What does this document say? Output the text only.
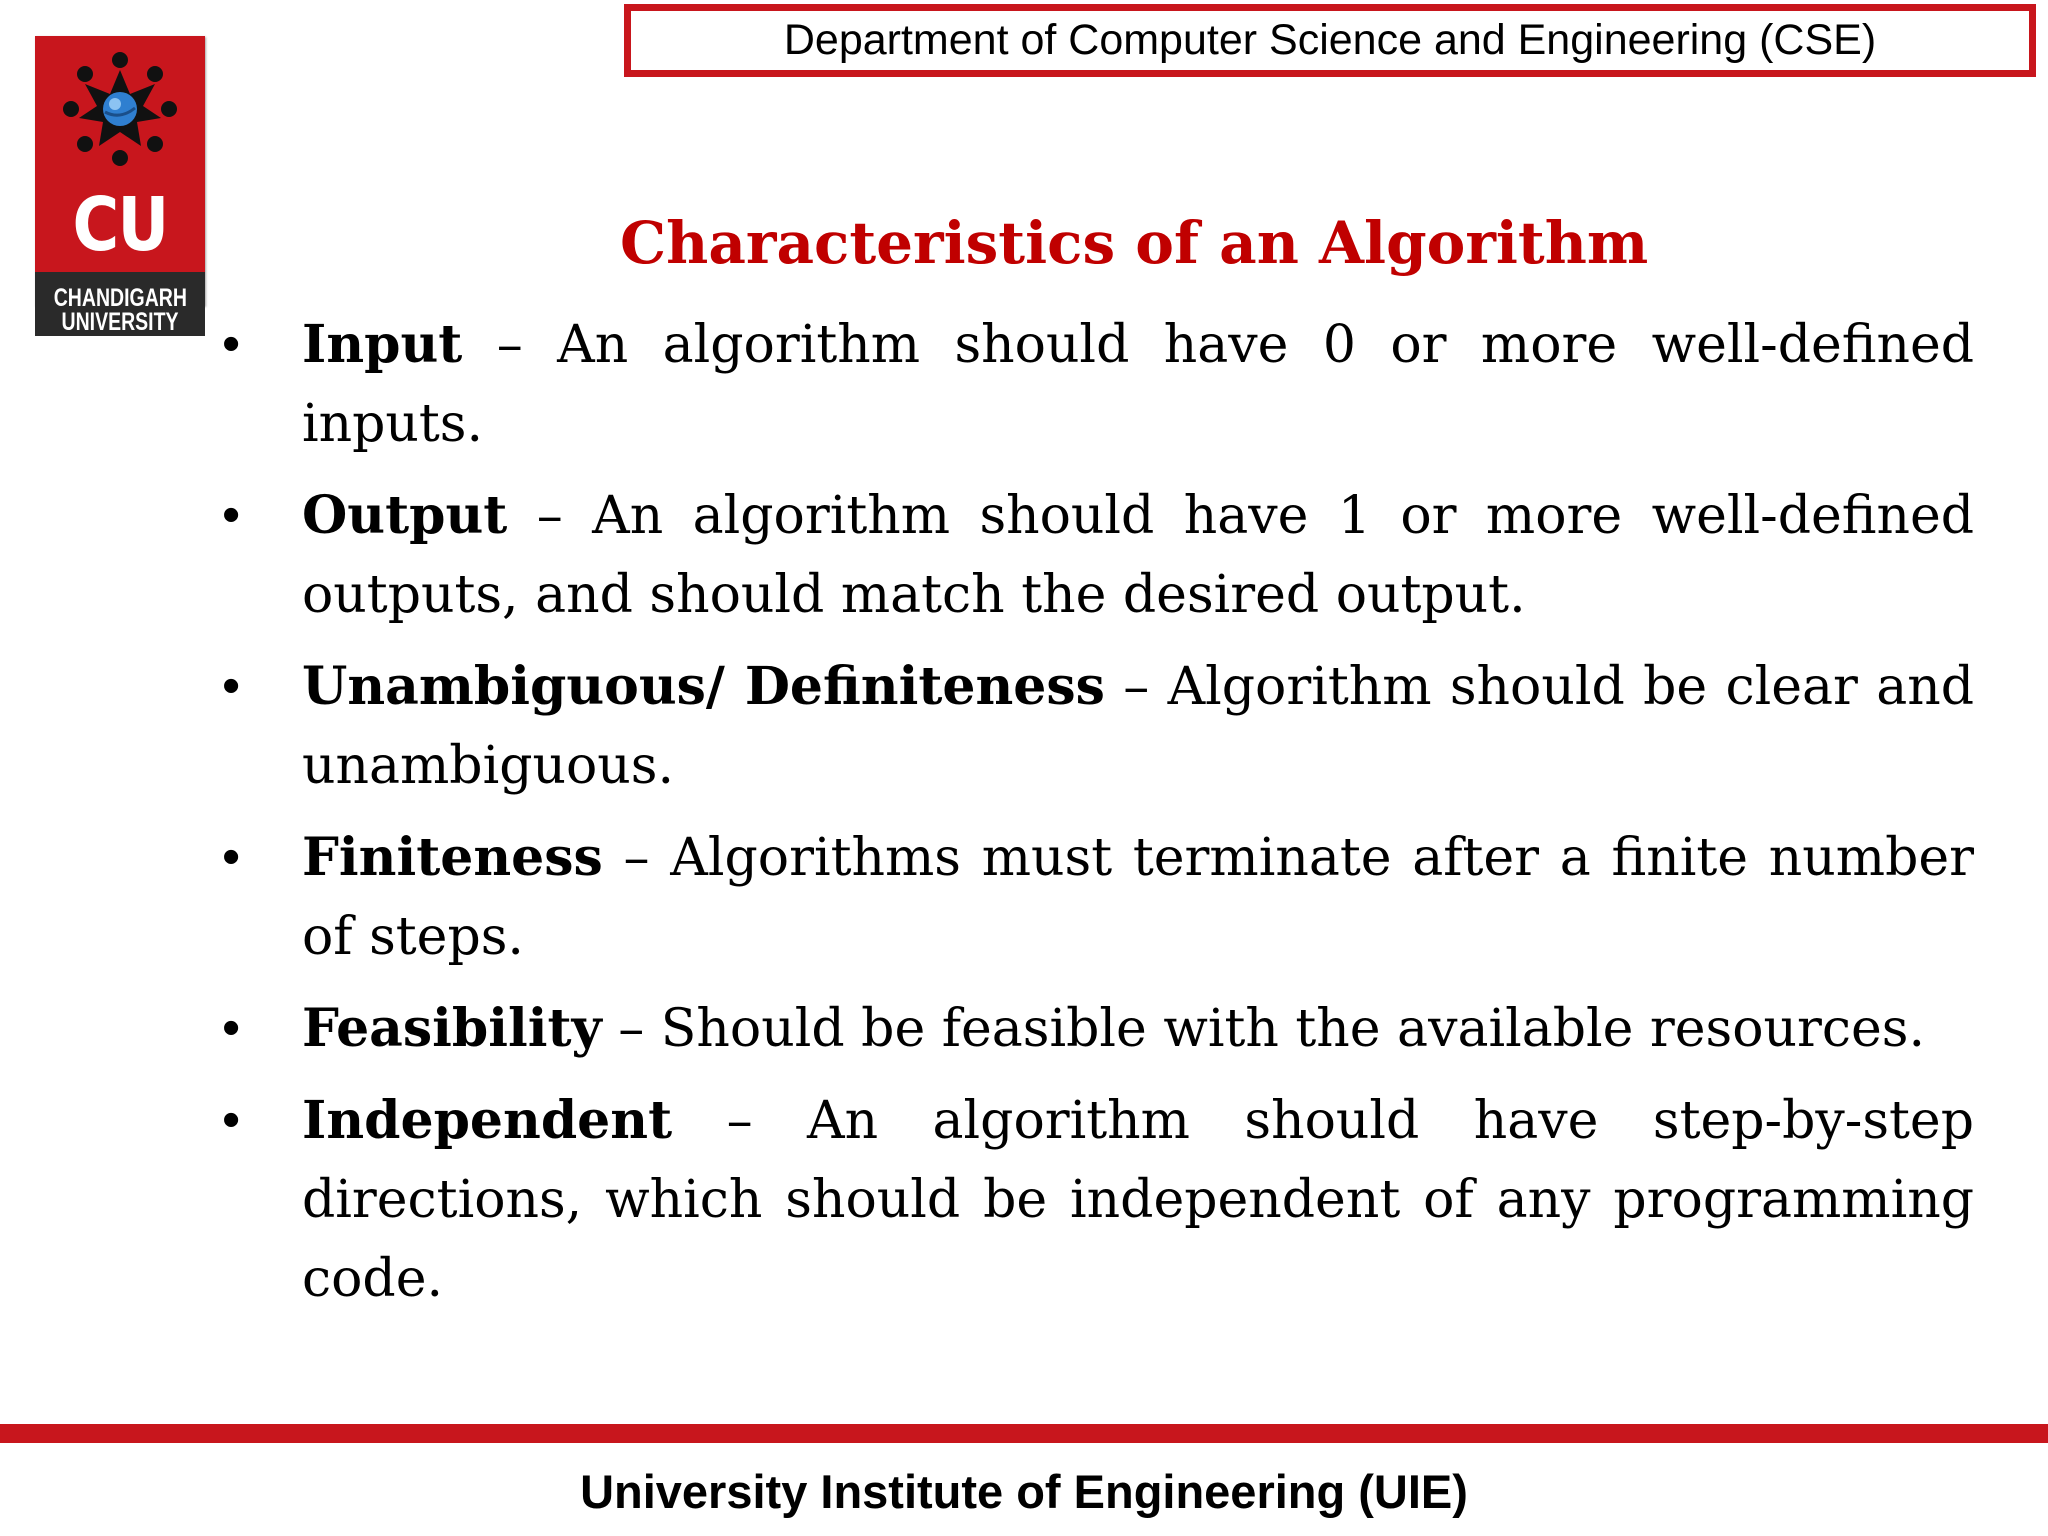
CU
CHANDIGARH
UNIVERSITY
Department of Computer Science and Engineering (CSE)
Characteristics of an Algorithm
•	Input – An algorithm should have 0 or more well-defined inputs.
•	Output – An algorithm should have 1 or more well-defined outputs, and should match the desired output.
•	Unambiguous/ Definiteness – Algorithm should be clear and unambiguous.
•	Finiteness – Algorithms must terminate after a finite number of steps.
•	Feasibility – Should be feasible with the available resources.
•	Independent – An algorithm should have step-by-step directions, which should be independent of any programming code.
University Institute of Engineering (UIE)
